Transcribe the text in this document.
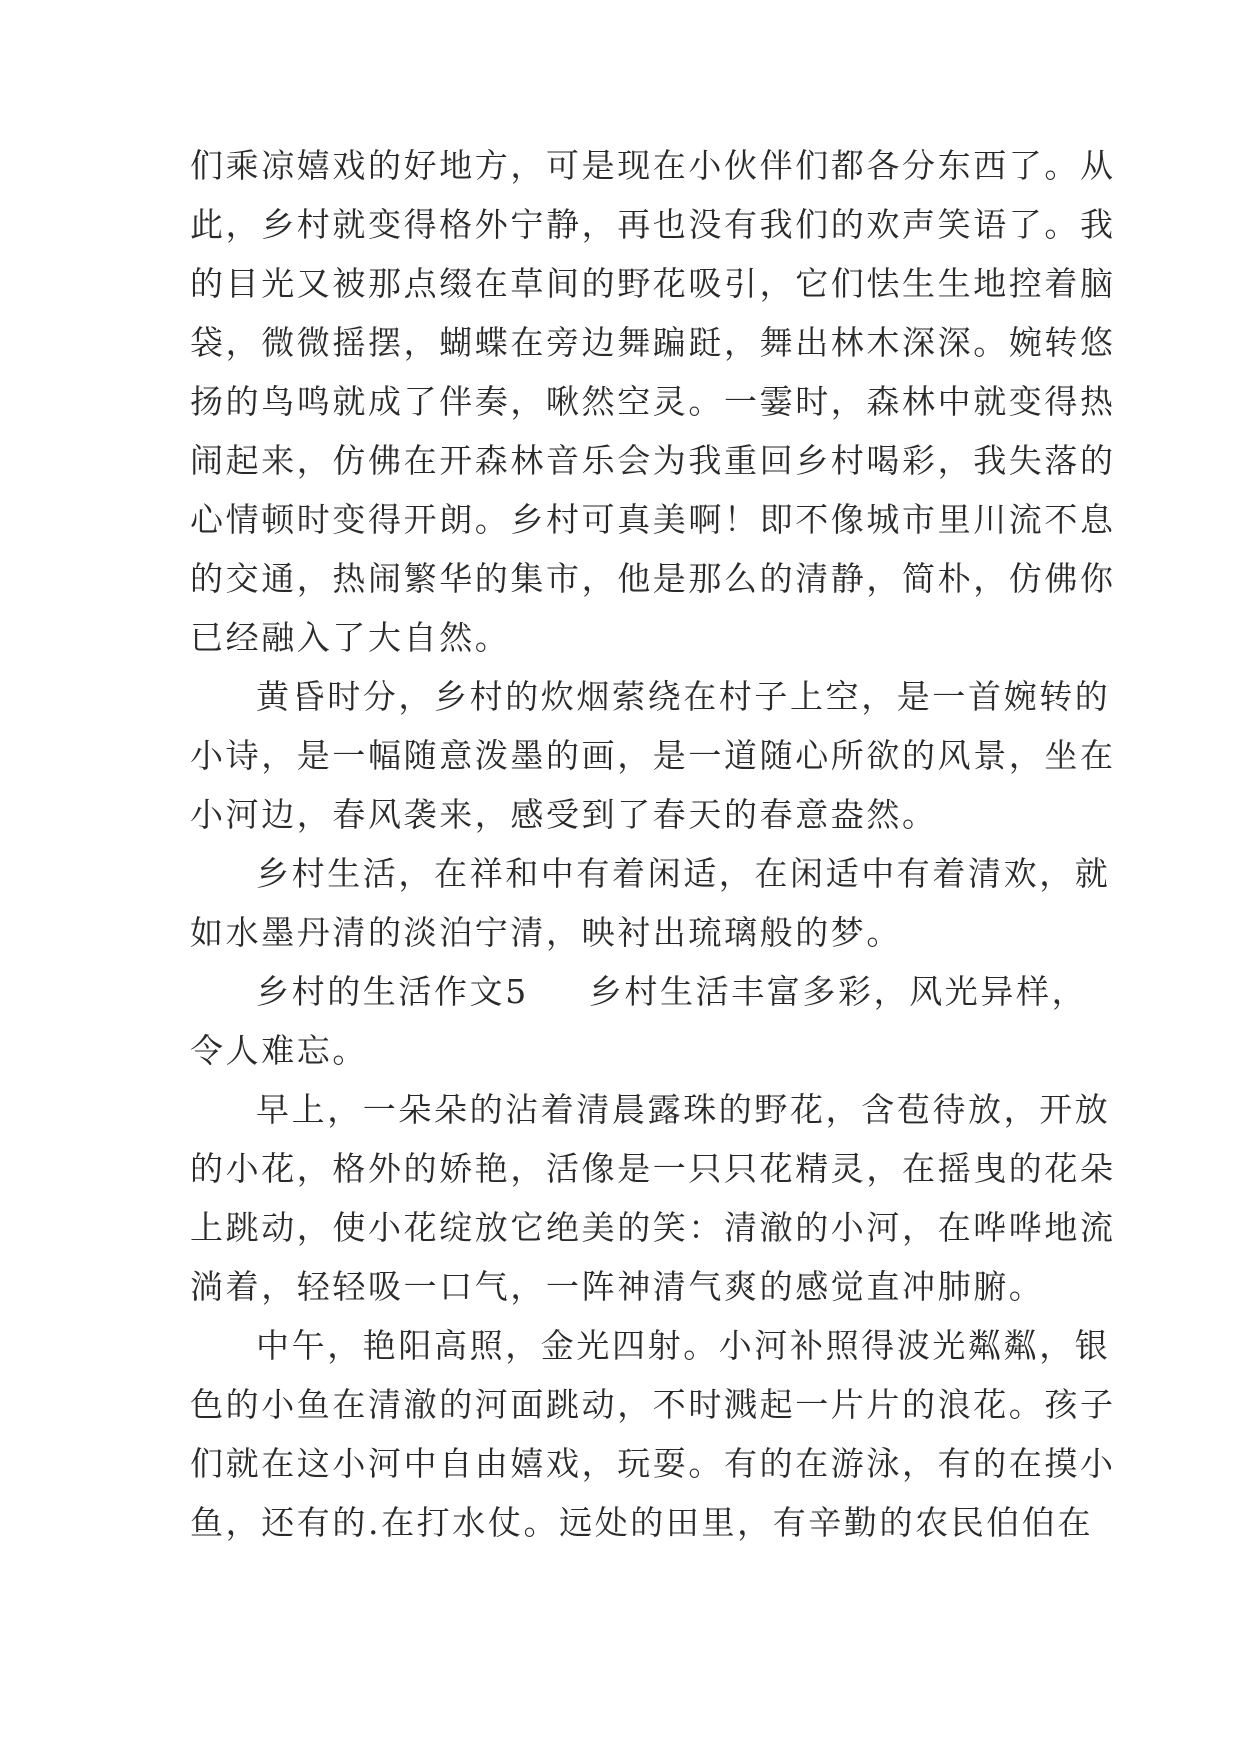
们乘凉嬉戏的好地方，可是现在小伙伴们都各分东西了。从
此，乡村就变得格外宁静，再也没有我们的欢声笑语了。我
的目光又被那点缀在草间的野花吸引，它们怯生生地控着脑
袋，微微摇摆，蝴蝶在旁边舞蹁跹，舞出林木深深。婉转悠
扬的鸟鸣就成了伴奏，啾然空灵。一霎时，森林中就变得热
闹起来，仿佛在开森林音乐会为我重回乡村喝彩，我失落的
心情顿时变得开朗。乡村可真美啊！即不像城市里川流不息
的交通，热闹繁华的集市，他是那么的清静，简朴，仿佛你
已经融入了大自然。
黄昏时分，乡村的炊烟萦绕在村子上空，是一首婉转的
小诗，是一幅随意泼墨的画，是一道随心所欲的风景，坐在
小河边，春风袭来，感受到了春天的春意盎然。
乡村生活，在祥和中有着闲适，在闲适中有着清欢，就
如水墨丹清的淡泊宁清，映衬出琉璃般的梦。
乡村的生活作文5 乡村生活丰富多彩，风光异样，
令人难忘。
早上，一朵朵的沾着清晨露珠的野花，含苞待放，开放
的小花，格外的娇艳，活像是一只只花精灵，在摇曳的花朵
上跳动，使小花绽放它绝美的笑：清澈的小河，在哗哗地流
淌着，轻轻吸一口气，一阵神清气爽的感觉直冲肺腑。
中午，艳阳高照，金光四射。小河补照得波光粼粼，银
色的小鱼在清澈的河面跳动，不时溅起一片片的浪花。孩子
们就在这小河中自由嬉戏，玩耍。有的在游泳，有的在摸小
鱼，还有的.在打水仗。远处的田里，有辛勤的农民伯伯在
